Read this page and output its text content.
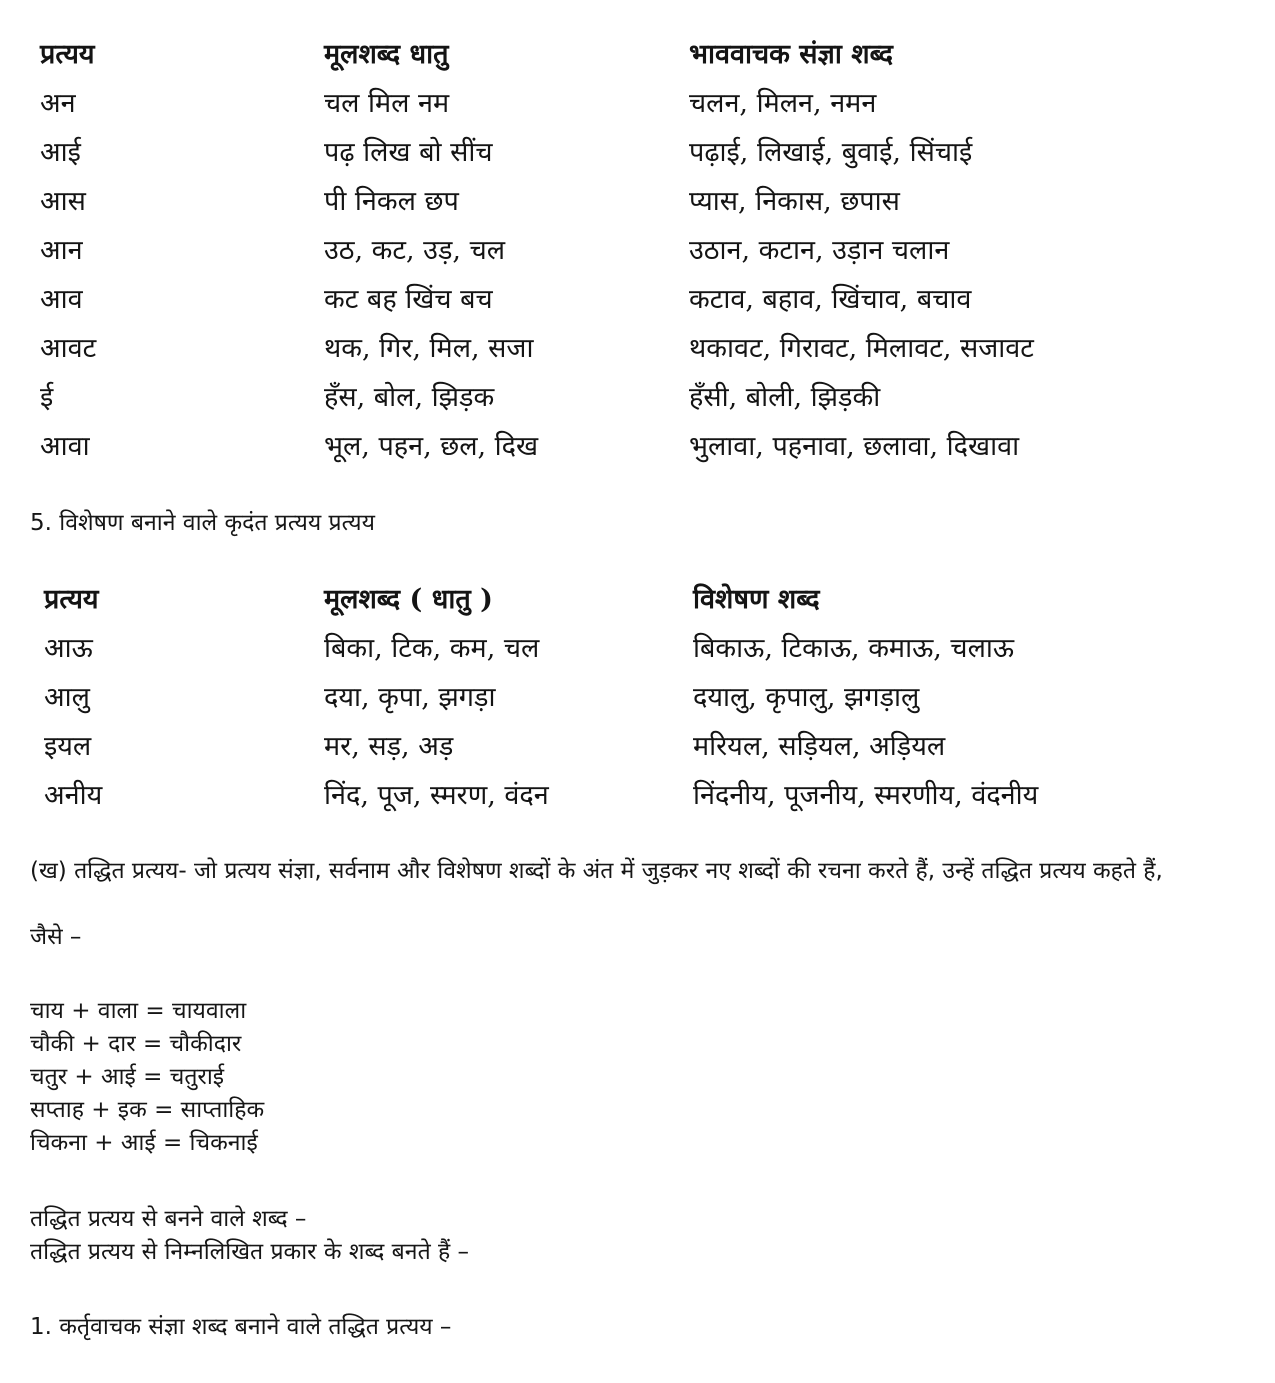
प्रत्यय	मूलशब्द धातु	भाववाचक संज्ञा शब्द
अन	चल मिल नम	चलन, मिलन, नमन
आई	पढ़ लिख बो सींच	पढ़ाई, लिखाई, बुवाई, सिंचाई
आस	पी निकल छप	प्यास, निकास, छपास
आन	उठ, कट, उड़, चल	उठान, कटान, उड़ान चलान
आव	कट बह खिंच बच	कटाव, बहाव, खिंचाव, बचाव
आवट	थक, गिर, मिल, सजा	थकावट, गिरावट, मिलावट, सजावट
ई	हँस, बोल, झिड़क	हँसी, बोली, झिड़की
आवा	भूल, पहन, छल, दिख	भुलावा, पहनावा, छलावा, दिखावा

5. विशेषण बनाने वाले कृदंत प्रत्यय प्रत्यय

प्रत्यय	मूलशब्द ( धातु )	विशेषण शब्द
आऊ	बिका, टिक, कम, चल	बिकाऊ, टिकाऊ, कमाऊ, चलाऊ
आलु	दया, कृपा, झगड़ा	दयालु, कृपालु, झगड़ालु
इयल	मर, सड़, अड़	मरियल, सड़ियल, अड़ियल
अनीय	निंद, पूज, स्मरण, वंदन	निंदनीय, पूजनीय, स्मरणीय, वंदनीय

(ख) तद्धित प्रत्यय- जो प्रत्यय संज्ञा, सर्वनाम और विशेषण शब्दों के अंत में जुड़कर नए शब्दों की रचना करते हैं, उन्हें तद्धित प्रत्यय कहते हैं,

जैसे –

चाय + वाला = चायवाला
चौकी + दार = चौकीदार
चतुर + आई = चतुराई
सप्ताह + इक = साप्ताहिक
चिकना + आई = चिकनाई
तद्धित प्रत्यय से बनने वाले शब्द –
तद्धित प्रत्यय से निम्नलिखित प्रकार के शब्द बनते हैं –

1. कर्तृवाचक संज्ञा शब्द बनाने वाले तद्धित प्रत्यय –
